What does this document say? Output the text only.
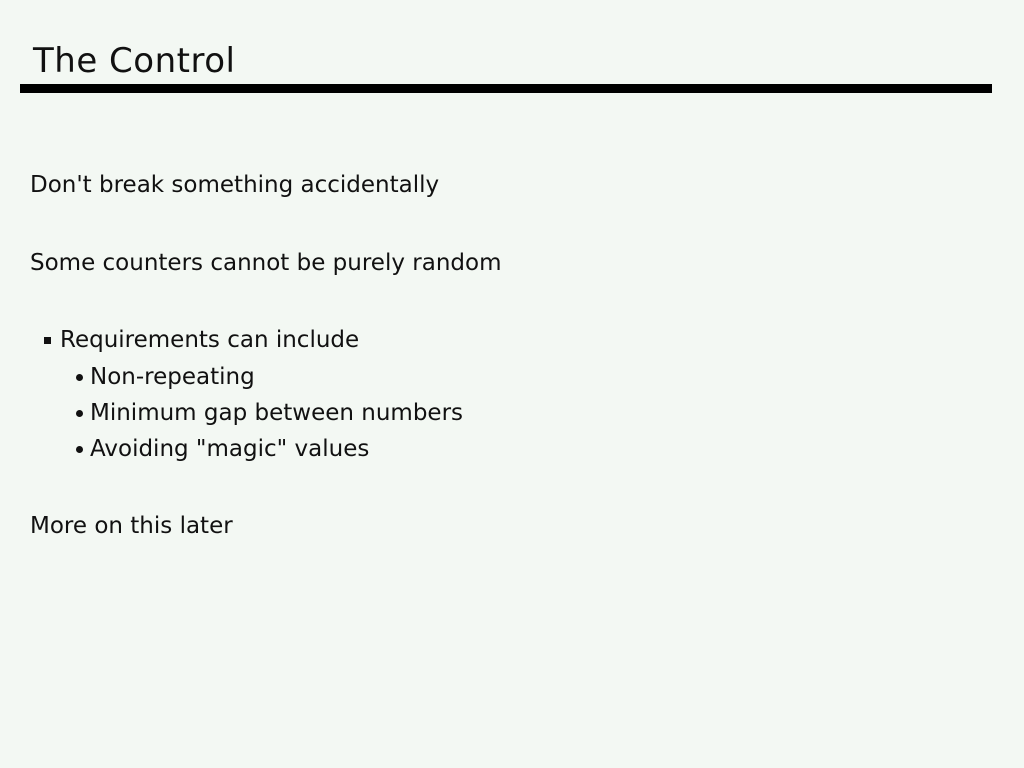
The Control
Don't break something accidentally
Some counters cannot be purely random
Requirements can include
Non-repeating
Minimum gap between numbers
Avoiding "magic" values
More on this later
